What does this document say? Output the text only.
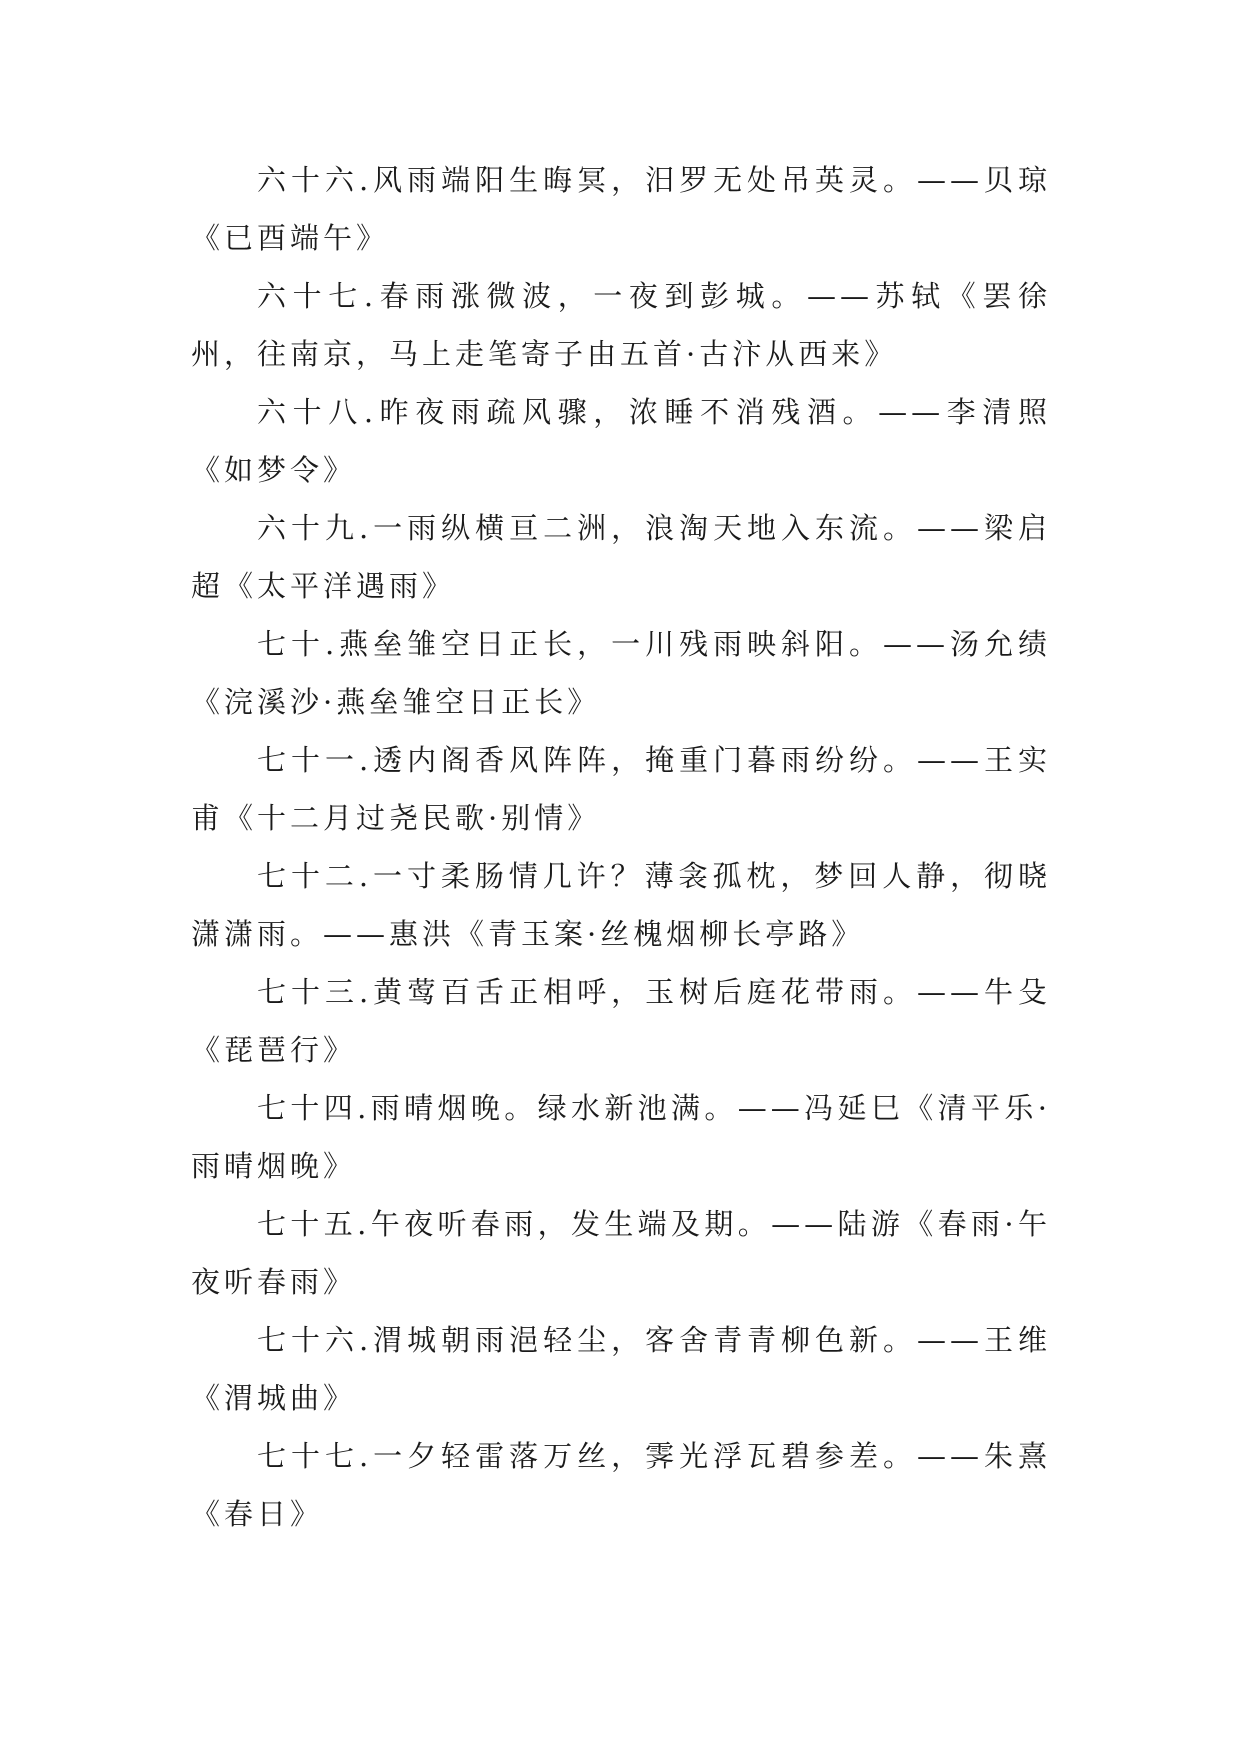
六十六.风雨端阳生晦冥，汨罗无处吊英灵。——贝琼《已酉端午》

六十七.春雨涨微波，一夜到彭城。——苏轼《罢徐州，往南京，马上走笔寄子由五首·古汴从西来》

六十八.昨夜雨疏风骤，浓睡不消残酒。——李清照《如梦令》

六十九.一雨纵横亘二洲，浪淘天地入东流。——梁启超《太平洋遇雨》

七十.燕垒雏空日正长，一川残雨映斜阳。——汤允绩《浣溪沙·燕垒雏空日正长》

七十一.透内阁香风阵阵，掩重门暮雨纷纷。——王实甫《十二月过尧民歌·别情》

七十二.一寸柔肠情几许？薄衾孤枕，梦回人静，彻晓潇潇雨。——惠洪《青玉案·丝槐烟柳长亭路》

七十三.黄莺百舌正相呼，玉树后庭花带雨。——牛殳《琵琶行》

七十四.雨晴烟晚。绿水新池满。——冯延巳《清平乐·雨晴烟晚》

七十五.午夜听春雨，发生端及期。——陆游《春雨·午夜听春雨》

七十六.渭城朝雨浥轻尘，客舍青青柳色新。——王维《渭城曲》

七十七.一夕轻雷落万丝，霁光浮瓦碧参差。——朱熹《春日》
